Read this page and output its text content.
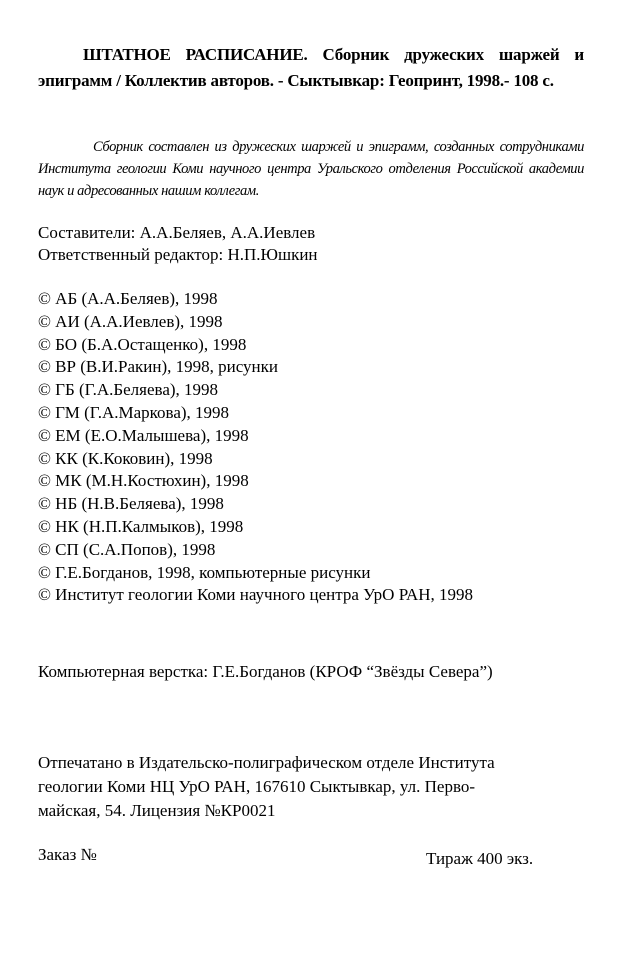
ШТАТНОЕ РАСПИСАНИЕ. Сборник дружеских шаржей и эпиграмм / Коллектив авторов. - Сыктывкар: Геопринт, 1998.- 108 с.
Сборник составлен из дружеских шаржей и эпиграмм, созданных сотрудниками Института геологии Коми научного центра Уральского отделения Российской академии наук и адресованных нашим коллегам.
Составители: А.А.Беляев, А.А.Иевлев
Ответственный редактор: Н.П.Юшкин
© АБ (А.А.Беляев), 1998
© АИ (А.А.Иевлев), 1998
© БО (Б.А.Остащенко), 1998
© ВР (В.И.Ракин), 1998, рисунки
© ГБ (Г.А.Беляева), 1998
© ГМ (Г.А.Маркова), 1998
© ЕМ (Е.О.Малышева), 1998
© КК (К.Коковин), 1998
© МК (М.Н.Костюхин), 1998
© НБ (Н.В.Беляева), 1998
© НК (Н.П.Калмыков), 1998
© СП (С.А.Попов), 1998
© Г.Е.Богданов, 1998, компьютерные рисунки
© Институт геологии Коми научного центра УрО РАН, 1998
Компьютерная верстка: Г.Е.Богданов (КРОФ “Звёзды Севера”)
Отпечатано в Издательско-полиграфическом отделе Института
геологии Коми НЦ УрО РАН, 167610 Сыктывкар, ул. Перво-
майская, 54. Лицензия №КР0021
Заказ №	Тираж 400 экз.
